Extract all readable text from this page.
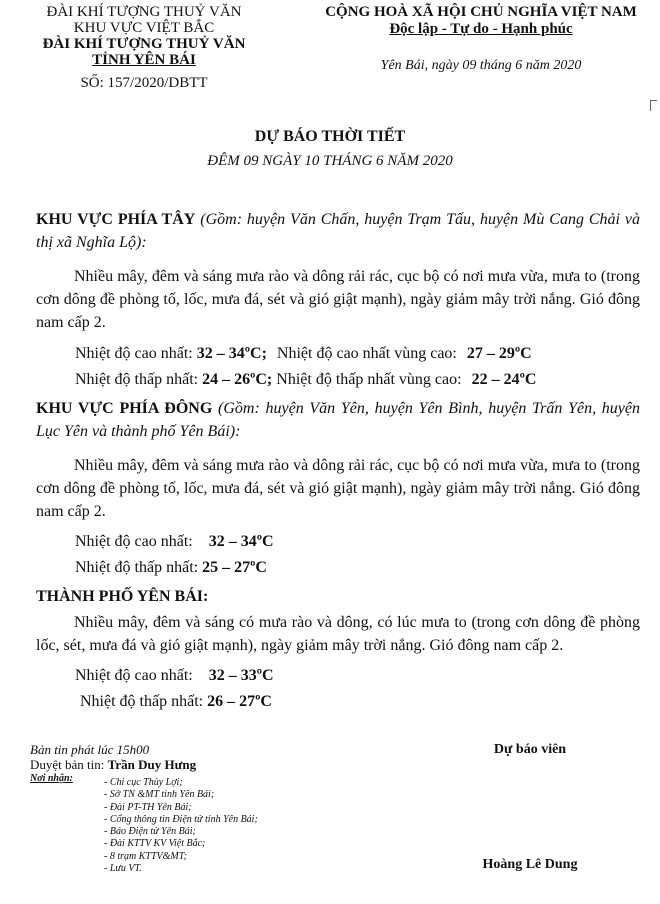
ĐÀI KHÍ TƯỢNG THUỶ VĂN
KHU VỰC VIỆT BẮC
ĐÀI KHÍ TƯỢNG THUỶ VĂN
TỈNH YÊN BÁI
SỐ: 157/2020/DBTT
CỘNG HOÀ XÃ HỘI CHỦ NGHĨA VIỆT NAM
Độc lập - Tự do - Hạnh phúc
Yên Bái, ngày 09 tháng 6 năm 2020
DỰ BÁO THỜI TIẾT
ĐÊM 09 NGÀY 10 THÁNG 6 NĂM 2020
KHU VỰC PHÍA TÂY (Gồm: huyện Văn Chấn, huyện Trạm Tấu, huyện Mù Cang Chải và thị xã Nghĩa Lộ):
Nhiều mây, đêm và sáng mưa rào và dông rải rác, cục bộ có nơi mưa vừa, mưa to (trong cơn dông đề phòng tố, lốc, mưa đá, sét và gió giật mạnh), ngày giảm mây trời nắng. Gió đông nam cấp 2.
Nhiệt độ cao nhất: 32 – 34ºC; Nhiệt độ cao nhất vùng cao: 27 – 29ºC
Nhiệt độ thấp nhất: 24 – 26ºC; Nhiệt độ thấp nhất vùng cao: 22 – 24ºC
KHU VỰC PHÍA ĐÔNG (Gồm: huyện Văn Yên, huyện Yên Bình, huyện Trấn Yên, huyện Lục Yên và thành phố Yên Bái):
Nhiều mây, đêm và sáng mưa rào và dông rải rác, cục bộ có nơi mưa vừa, mưa to (trong cơn dông đề phòng tố, lốc, mưa đá, sét và gió giật mạnh), ngày giảm mây trời nắng. Gió đông nam cấp 2.
Nhiệt độ cao nhất: 32 – 34ºC
Nhiệt độ thấp nhất: 25 – 27ºC
THÀNH PHỐ YÊN BÁI:
Nhiều mây, đêm và sáng có mưa rào và dông, có lúc mưa to (trong cơn dông đề phòng lốc, sét, mưa đá và gió giật mạnh), ngày giảm mây trời nắng. Gió đông nam cấp 2.
Nhiệt độ cao nhất: 32 – 33ºC
Nhiệt độ thấp nhất: 26 – 27ºC
Bản tin phát lúc 15h00
Duyệt bản tin: Trần Duy Hưng
Nơi nhận:	- Chi cục Thủy Lợi;
- Sở TN &MT tỉnh Yên Bái;
- Đài PT-TH Yên Bái;
- Cổng thông tin Điện tử tỉnh Yên Bái;
- Báo Điện tử Yên Bái;
- Đài KTTV KV Việt Bắc;
- 8 trạm KTTV&MT;
- Lưu VT.
Dự báo viên
Hoàng Lê Dung
